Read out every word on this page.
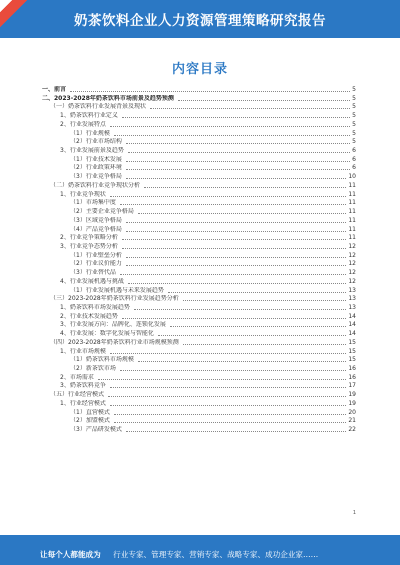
奶茶饮料企业人力资源管理策略研究报告
内容目录
一、前言	5
二、2023-2028年奶茶饮料市场前景及趋势预测	5
（一）奶茶饮料行业发展背景及现状	5
1、奶茶饮料行业定义	5
2、行业发展特点	5
（1）行业规模	5
（2）行业市场结构	5
3、行业发展前景及趋势	6
（1）行业技术发展	6
（2）行业政策环境	6
（3）行业竞争格局	10
（二）奶茶饮料行业竞争现状分析	11
1、行业竞争现状	11
（1）市场集中度	11
（2）主要企业竞争格局	11
（3）区域竞争格局	11
（4）产品竞争格局	11
2、行业竞争策略分析	11
3、行业竞争态势分析	12
（1）行业壁垒分析	12
（2）行业议价能力	12
（3）行业替代品	12
4、行业发展机遇与挑战	12
（1）行业发展机遇与未来发展趋势	13
（三）2023-2028年奶茶饮料行业发展趋势分析	13
1、奶茶饮料市场发展趋势	13
2、行业技术发展趋势	14
3、行业发展方向：品牌化、连锁化发展	14
4、行业发展：数字化发展与智能化	14
（四）2023-2028年奶茶饮料行业市场规模预测	15
1、行业市场规模	15
（1）奶茶饮料市场规模	15
（2）新茶饮市场	16
2、市场需求	16
3、奶茶饮料竞争	17
（五）行业经营模式	19
1、行业经营模式	19
（1）直营模式	20
（2）加盟模式	21
（3）产品研发模式	22
1
让每个人都能成为 行业专家、管理专家、营销专家、战略专家、成功企业家……
